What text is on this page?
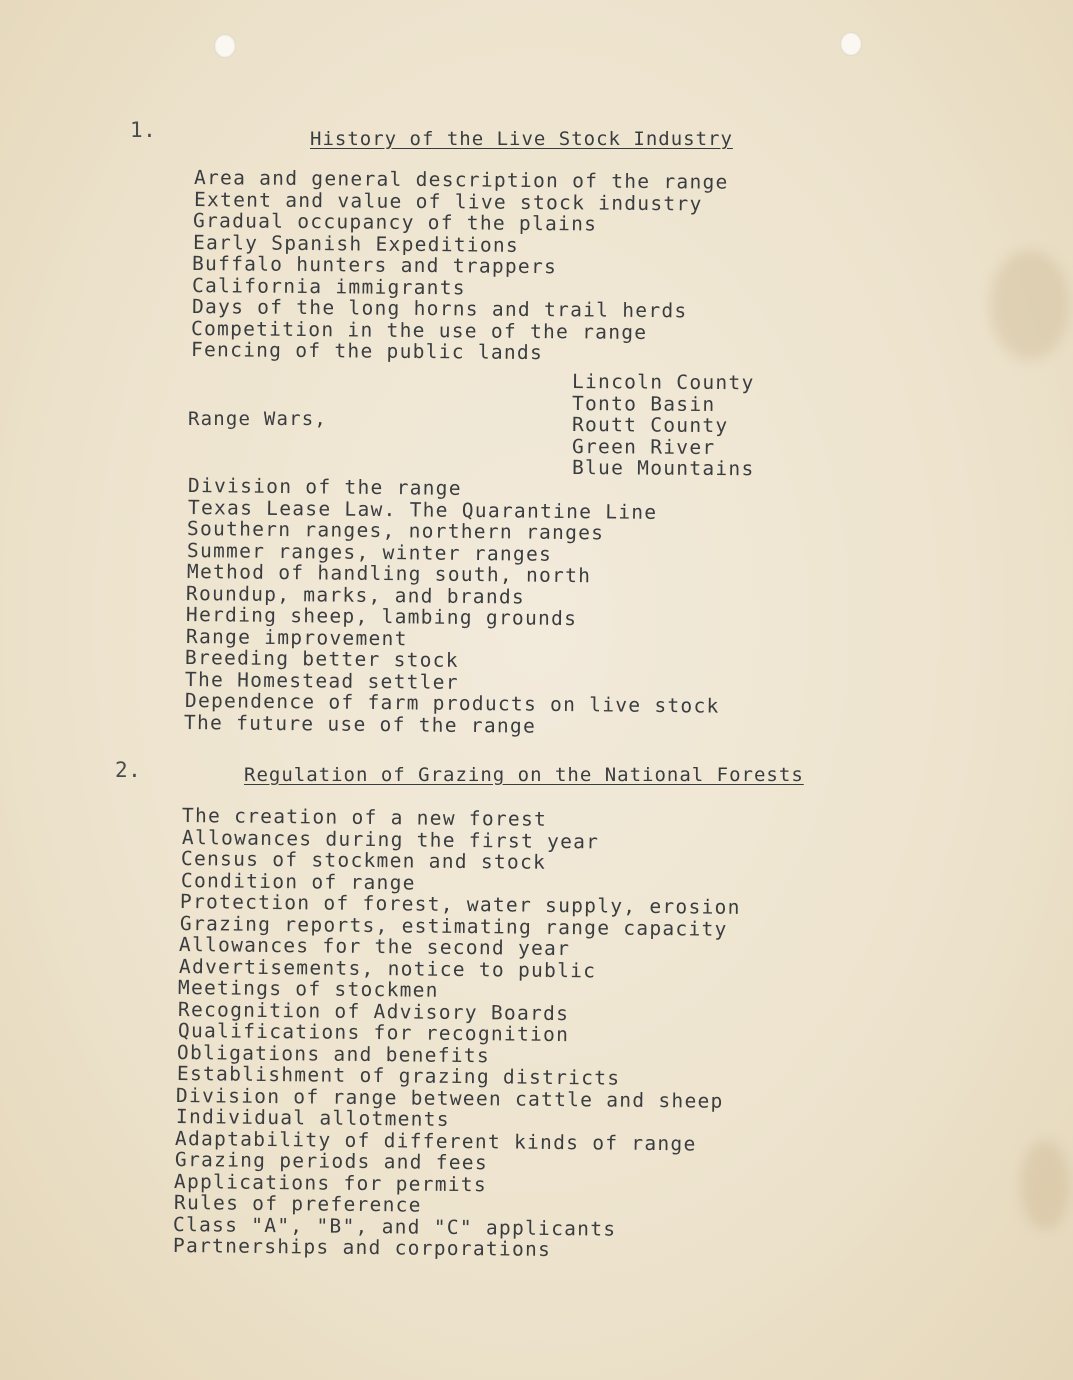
1.	History of the Live Stock Industry
Area and general description of the range
Extent and value of live stock industry
Gradual occupancy of the plains
Early Spanish Expeditions
Buffalo hunters and trappers
California immigrants
Days of the long horns and trail herds
Competition in the use of the range
Fencing of the public lands
Range Wars,
Lincoln County
Tonto Basin
Routt County
Green River
Blue Mountains
Division of the range
Texas Lease Law. The Quarantine Line
Southern ranges, northern ranges
Summer ranges, winter ranges
Method of handling south, north
Roundup, marks, and brands
Herding sheep, lambing grounds
Range improvement
Breeding better stock
The Homestead settler
Dependence of farm products on live stock
The future use of the range
2.	Regulation of Grazing on the National Forests
The creation of a new forest
Allowances during the first year
Census of stockmen and stock
Condition of range
Protection of forest, water supply, erosion
Grazing reports, estimating range capacity
Allowances for the second year
Advertisements, notice to public
Meetings of stockmen
Recognition of Advisory Boards
Qualifications for recognition
Obligations and benefits
Establishment of grazing districts
Division of range between cattle and sheep
Individual allotments
Adaptability of different kinds of range
Grazing periods and fees
Applications for permits
Rules of preference
Class "A", "B", and "C" applicants
Partnerships and corporations
